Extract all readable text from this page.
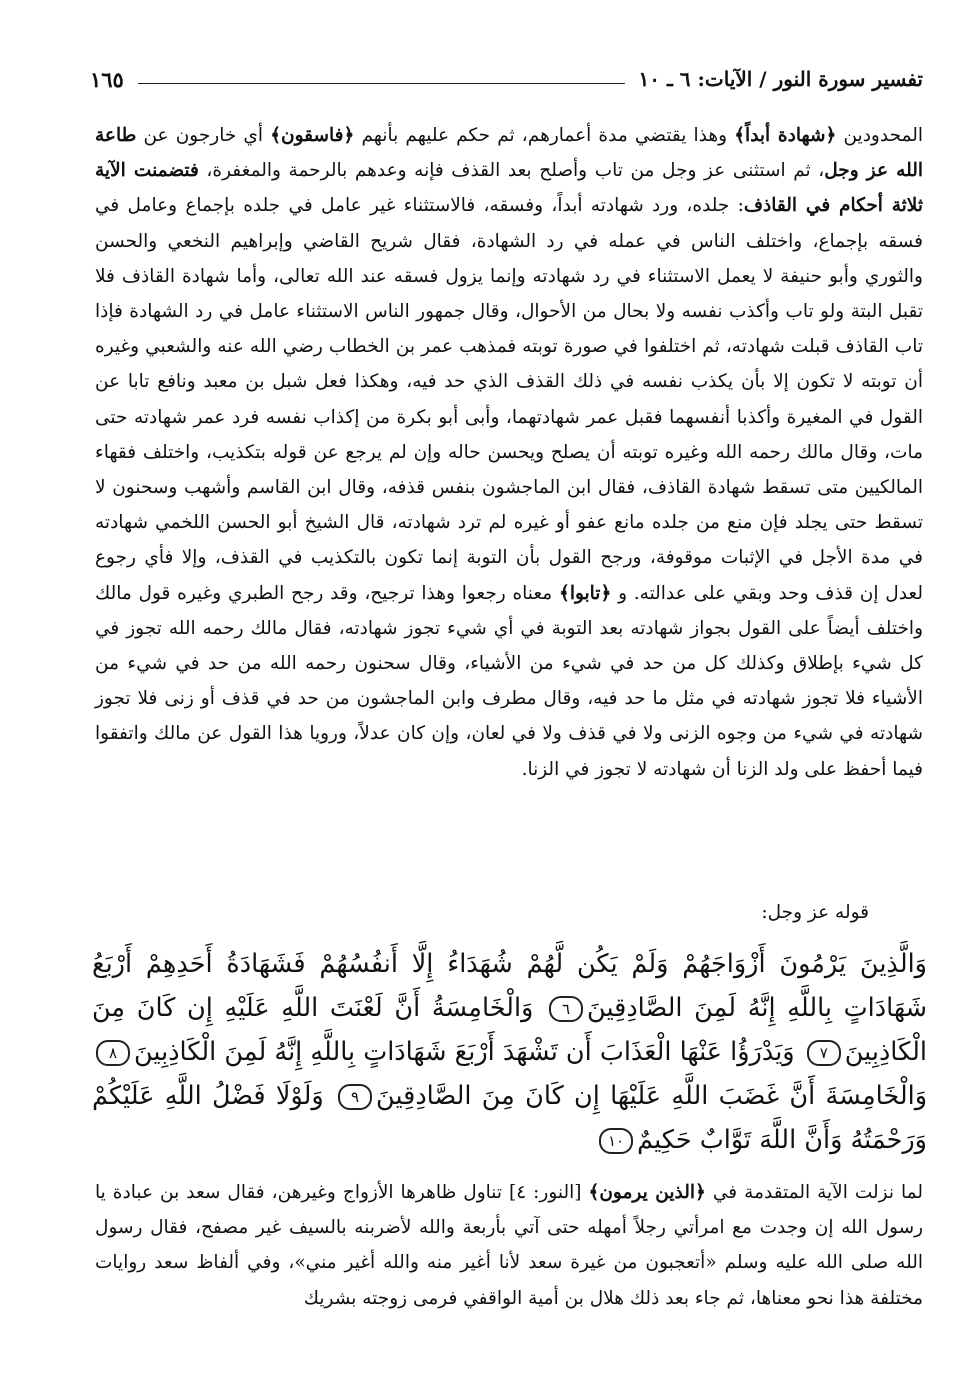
تفسير سورة النور / الآيات: ٦ ـ ١٠
١٦٥

المحدودين ﴿شهادة أبداً﴾ وهذا يقتضي مدة أعمارهم، ثم حكم عليهم بأنهم ﴿فاسقون﴾ أي خارجون عن طاعة الله عز وجل، ثم استثنى عز وجل من تاب وأصلح بعد القذف فإنه وعدهم بالرحمة والمغفرة، فتضمنت الآية ثلاثة أحكام في القاذف: جلده، ورد شهادته أبداً، وفسقه، فالاستثناء غير عامل في جلده بإجماع وعامل في فسقه بإجماع، واختلف الناس في عمله في رد الشهادة، فقال شريح القاضي وإبراهيم النخعي والحسن والثوري وأبو حنيفة لا يعمل الاستثناء في رد شهادته وإنما يزول فسقه عند الله تعالى، وأما شهادة القاذف فلا تقبل البتة ولو تاب وأكذب نفسه ولا بحال من الأحوال، وقال جمهور الناس الاستثناء عامل في رد الشهادة فإذا تاب القاذف قبلت شهادته، ثم اختلفوا في صورة توبته فمذهب عمر بن الخطاب رضي الله عنه والشعبي وغيره أن توبته لا تكون إلا بأن يكذب نفسه في ذلك القذف الذي حد فيه، وهكذا فعل شبل بن معبد ونافع تابا عن القول في المغيرة وأكذبا أنفسهما فقبل عمر شهادتهما، وأبى أبو بكرة من إكذاب نفسه فرد عمر شهادته حتى مات، وقال مالك رحمه الله وغيره توبته أن يصلح ويحسن حاله وإن لم يرجع عن قوله بتكذيب، واختلف فقهاء المالكيين متى تسقط شهادة القاذف، فقال ابن الماجشون بنفس قذفه، وقال ابن القاسم وأشهب وسحنون لا تسقط حتى يجلد فإن منع من جلده مانع عفو أو غيره لم ترد شهادته، قال الشيخ أبو الحسن اللخمي شهادته في مدة الأجل في الإثبات موقوفة، ورجح القول بأن التوبة إنما تكون بالتكذيب في القذف، وإلا فأي رجوع لعدل إن قذف وحد وبقي على عدالته. و ﴿تابوا﴾ معناه رجعوا وهذا ترجيح، وقد رجح الطبري وغيره قول مالك واختلف أيضاً على القول بجواز شهادته بعد التوبة في أي شيء تجوز شهادته، فقال مالك رحمه الله تجوز في كل شيء بإطلاق وكذلك كل من حد في شيء من الأشياء، وقال سحنون رحمه الله من حد في شيء من الأشياء فلا تجوز شهادته في مثل ما حد فيه، وقال مطرف وابن الماجشون من حد في قذف أو زنى فلا تجوز شهادته في شيء من وجوه الزنى ولا في قذف ولا في لعان، وإن كان عدلاً، ورويا هذا القول عن مالك واتفقوا فيما أحفظ على ولد الزنا أن شهادته لا تجوز في الزنا.

قوله عز وجل:

وَالَّذِينَ يَرْمُونَ أَزْوَاجَهُمْ وَلَمْ يَكُن لَّهُمْ شُهَدَاءُ إِلَّا أَنفُسُهُمْ فَشَهَادَةُ أَحَدِهِمْ أَرْبَعُ شَهَادَاتٍ بِاللَّهِ إِنَّهُ لَمِنَ الصَّادِقِينَ٦ وَالْخَامِسَةُ أَنَّ لَعْنَتَ اللَّهِ عَلَيْهِ إِن كَانَ مِنَ الْكَاذِبِينَ٧ وَيَدْرَؤُا عَنْهَا الْعَذَابَ أَن تَشْهَدَ أَرْبَعَ شَهَادَاتٍ بِاللَّهِ إِنَّهُ لَمِنَ الْكَاذِبِينَ٨ وَالْخَامِسَةَ أَنَّ غَضَبَ اللَّهِ عَلَيْهَا إِن كَانَ مِنَ الصَّادِقِينَ٩ وَلَوْلَا فَضْلُ اللَّهِ عَلَيْكُمْ وَرَحْمَتُهُ وَأَنَّ اللَّهَ تَوَّابٌ حَكِيمٌ١٠

لما نزلت الآية المتقدمة في ﴿الذين يرمون﴾ [النور: ٤] تناول ظاهرها الأزواج وغيرهن، فقال سعد بن عبادة يا رسول الله إن وجدت مع امرأتي رجلاً أمهله حتى آتي بأربعة والله لأضربنه بالسيف غير مصفح، فقال رسول الله صلى الله عليه وسلم «أتعجبون من غيرة سعد لأنا أغير منه والله أغير مني»، وفي ألفاظ سعد روايات مختلفة هذا نحو معناها، ثم جاء بعد ذلك هلال بن أمية الواقفي فرمى زوجته بشريك
